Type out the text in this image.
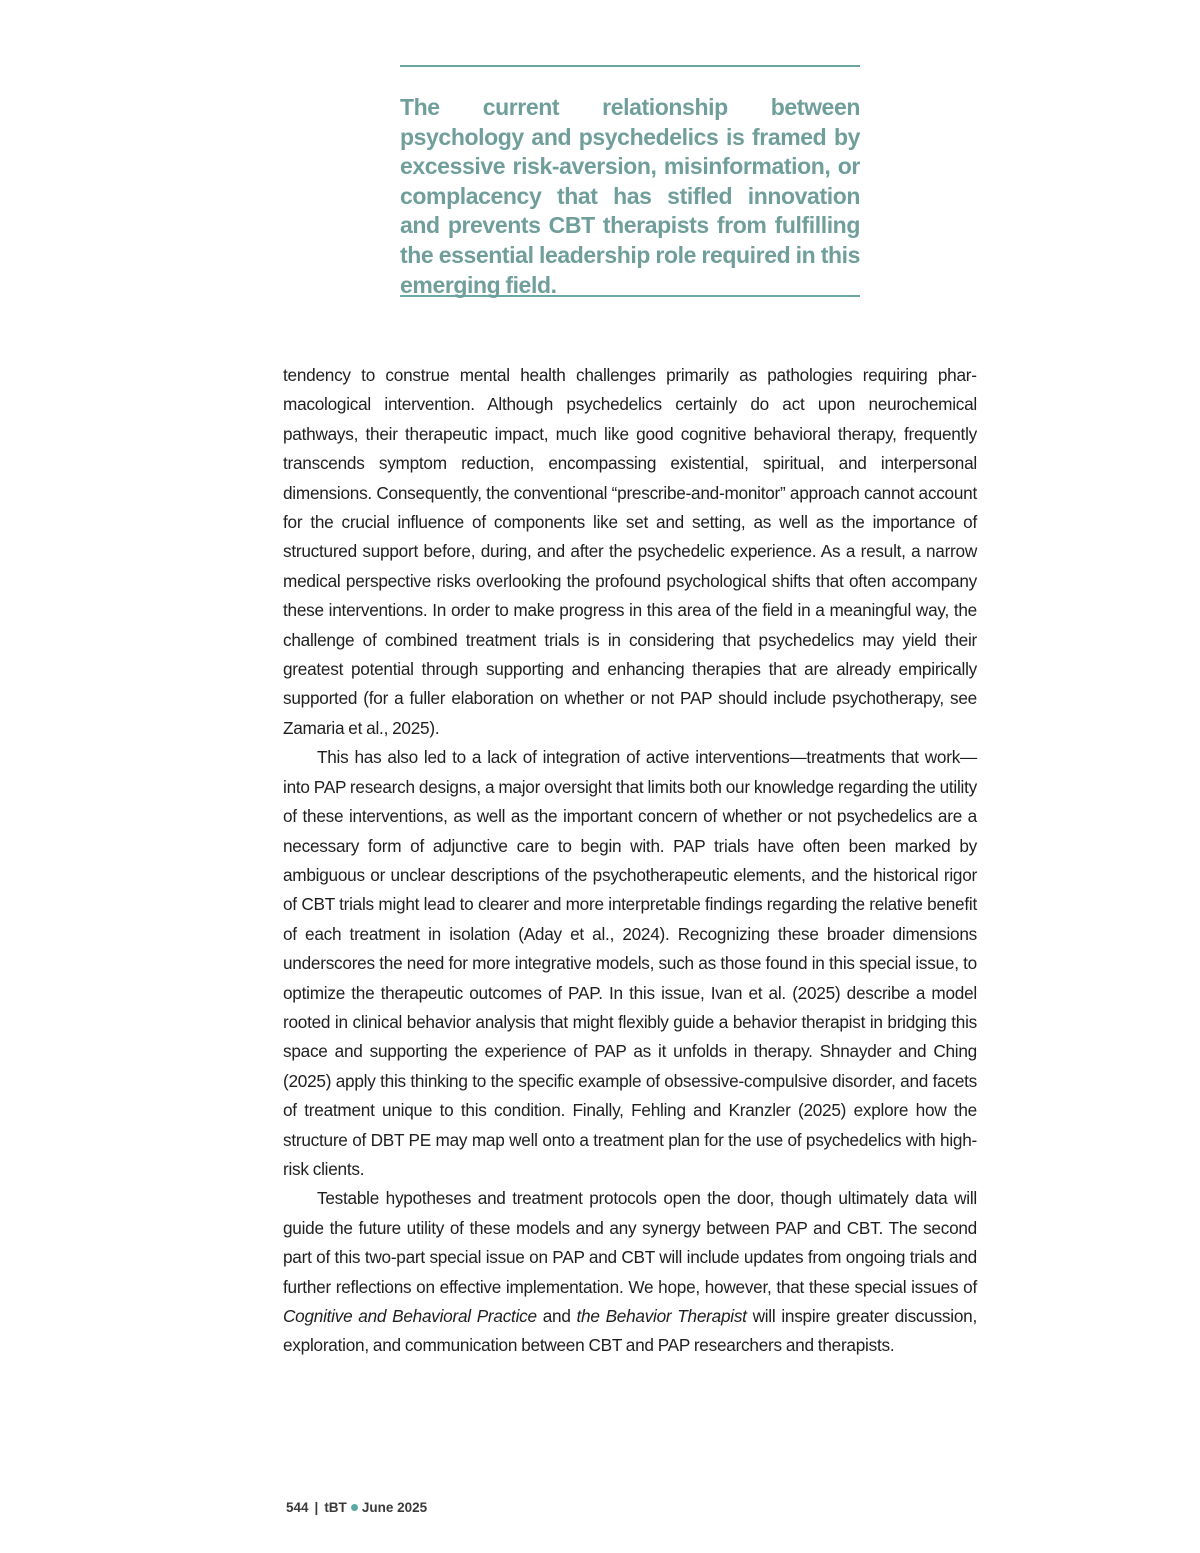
The current relationship between psychology and psychedelics is framed by excessive risk-aversion, misinformation, or complacency that has stifled innovation and prevents CBT therapists from fulfilling the essential leadership role required in this emerging field.

tendency to construe mental health challenges primarily as pathologies requiring pharmacological intervention. Although psychedelics certainly do act upon neurochemical pathways, their therapeutic impact, much like good cognitive behavioral therapy, frequently transcends symptom reduction, encompassing existential, spiritual, and interpersonal dimensions. Consequently, the conventional “prescribe-and-monitor” approach cannot account for the crucial influence of components like set and setting, as well as the importance of structured support before, during, and after the psychedelic experience. As a result, a narrow medical perspective risks overlooking the profound psychological shifts that often accompany these interventions. In order to make progress in this area of the field in a meaningful way, the challenge of combined treatment trials is in considering that psychedelics may yield their greatest potential through supporting and enhancing therapies that are already empirically supported (for a fuller elaboration on whether or not PAP should include psychotherapy, see Zamaria et al., 2025).

This has also led to a lack of integration of active interventions—treatments that work—into PAP research designs, a major oversight that limits both our knowledge regarding the utility of these interventions, as well as the important concern of whether or not psychedelics are a necessary form of adjunctive care to begin with. PAP trials have often been marked by ambiguous or unclear descriptions of the psychotherapeutic elements, and the historical rigor of CBT trials might lead to clearer and more interpretable findings regarding the relative benefit of each treatment in isolation (Aday et al., 2024). Recognizing these broader dimensions underscores the need for more integrative models, such as those found in this special issue, to optimize the therapeutic outcomes of PAP. In this issue, Ivan et al. (2025) describe a model rooted in clinical behavior analysis that might flexibly guide a behavior therapist in bridging this space and supporting the experience of PAP as it unfolds in therapy. Shnayder and Ching (2025) apply this thinking to the specific example of obsessive-compulsive disorder, and facets of treatment unique to this condition. Finally, Fehling and Kranzler (2025) explore how the structure of DBT PE may map well onto a treatment plan for the use of psychedelics with high-risk clients.

Testable hypotheses and treatment protocols open the door, though ultimately data will guide the future utility of these models and any synergy between PAP and CBT. The second part of this two-part special issue on PAP and CBT will include updates from ongoing trials and further reflections on effective implementation. We hope, however, that these special issues of Cognitive and Behavioral Practice and the Behavior Therapist will inspire greater discussion, exploration, and communication between CBT and PAP researchers and therapists.

544 | tBT June 2025
